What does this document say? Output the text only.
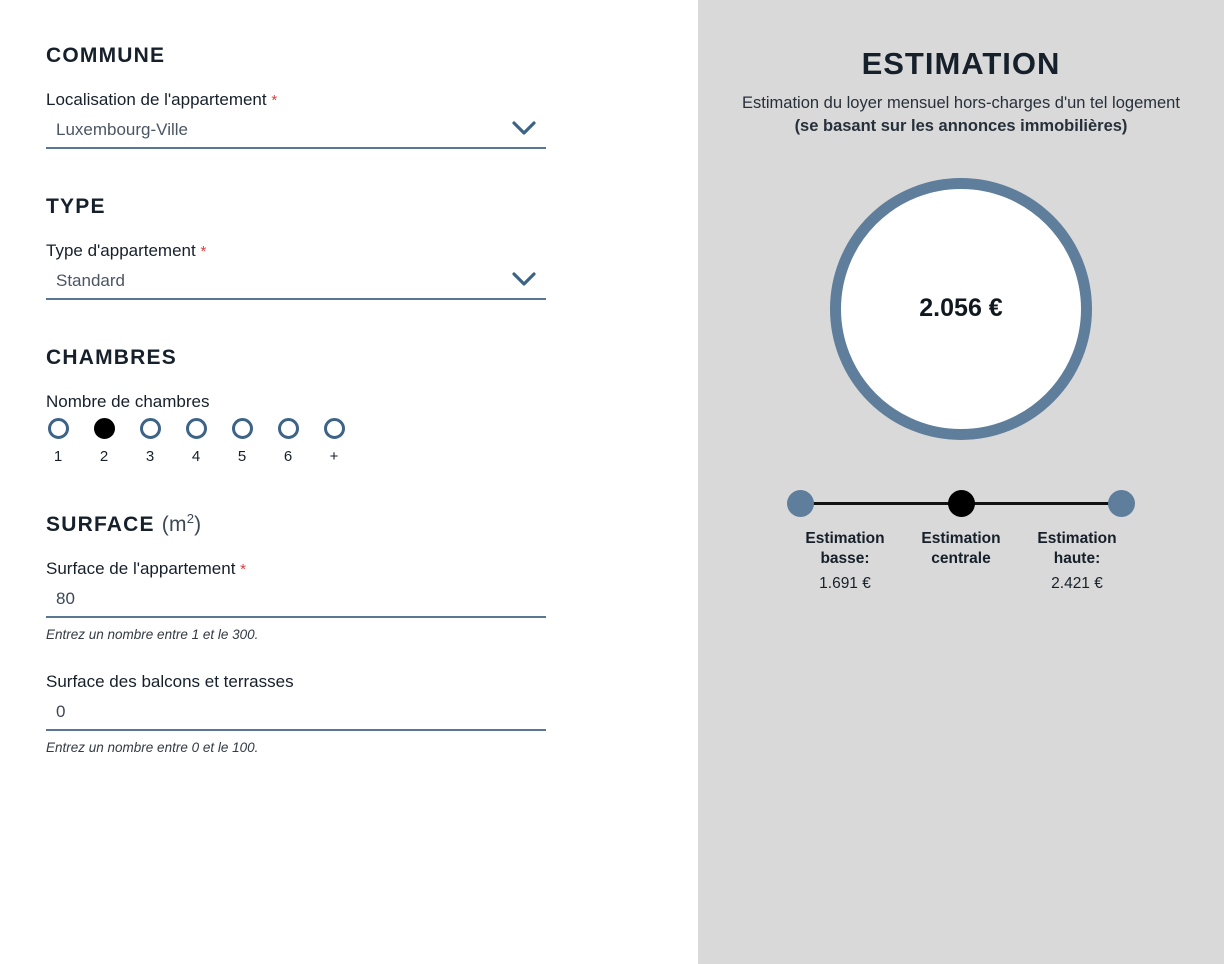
COMMUNE
Localisation de l'appartement *
Luxembourg-Ville
TYPE
Type d'appartement *
Standard
CHAMBRES
Nombre de chambres
1	2	3	4	5	6	+
SURFACE $(m^2)$
Surface de l'appartement *
80
Entrez un nombre entre 1 et le 300.
Surface des balcons et terrasses
0
Entrez un nombre entre 0 et le 100.
ESTIMATION

Estimation du loyer mensuel hors-charges d'un tel logement (se basant sur les annonces immobilières)

2.056 €
Estimation basse:
1.691 €
Estimation centrale
Estimation haute:
2.421 €
